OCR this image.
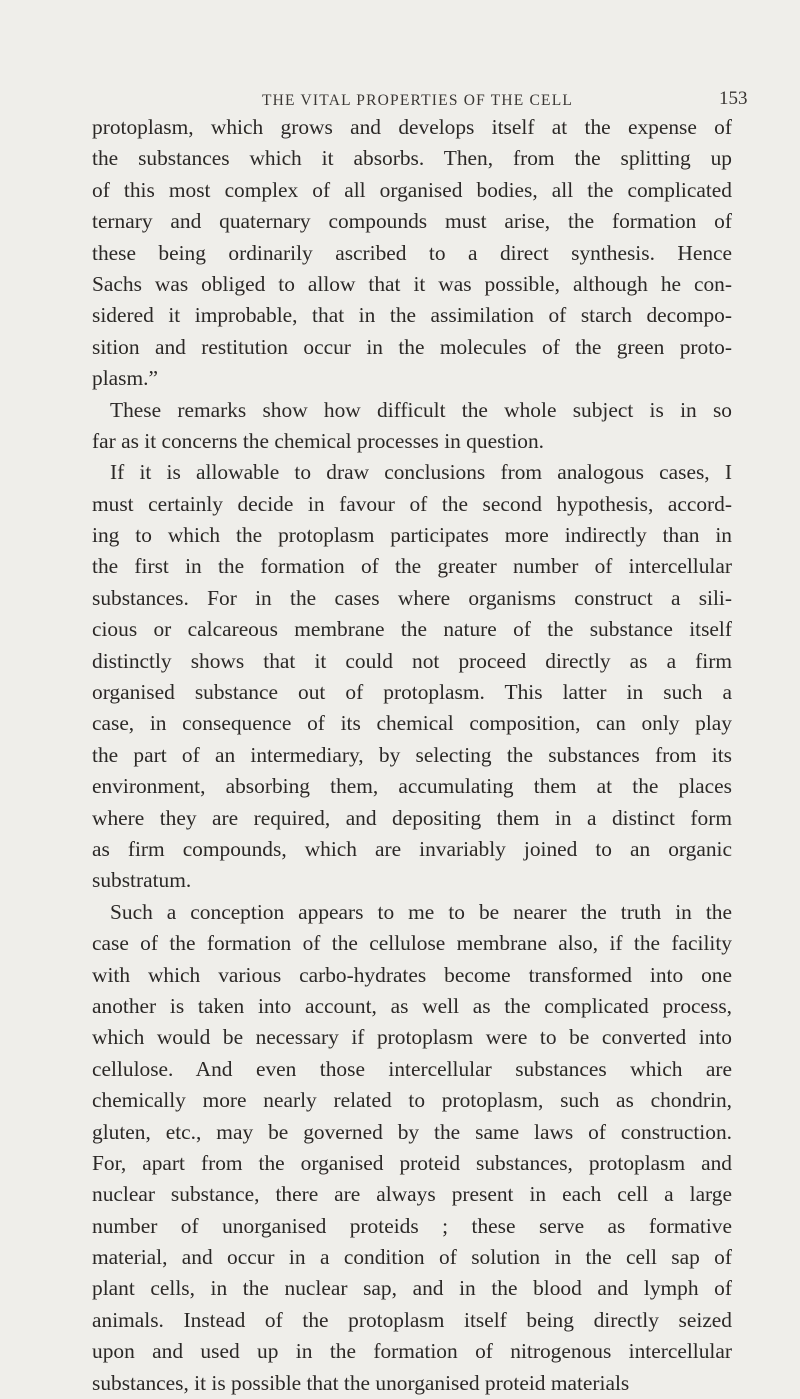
THE VITAL PROPERTIES OF THE CELL	153
protoplasm, which grows and develops itself at the expense of
the substances which it absorbs. Then, from the splitting up
of this most complex of all organised bodies, all the complicated
ternary and quaternary compounds must arise, the formation of
these being ordinarily ascribed to a direct synthesis. Hence
Sachs was obliged to allow that it was possible, although he con-
sidered it improbable, that in the assimilation of starch decompo-
sition and restitution occur in the molecules of the green proto-
plasm.”
These remarks show how difficult the whole subject is in so
far as it concerns the chemical processes in question.
If it is allowable to draw conclusions from analogous cases, I
must certainly decide in favour of the second hypothesis, accord-
ing to which the protoplasm participates more indirectly than in
the first in the formation of the greater number of intercellular
substances. For in the cases where organisms construct a sili-
cious or calcareous membrane the nature of the substance itself
distinctly shows that it could not proceed directly as a firm
organised substance out of protoplasm. This latter in such a
case, in consequence of its chemical composition, can only play
the part of an intermediary, by selecting the substances from its
environment, absorbing them, accumulating them at the places
where they are required, and depositing them in a distinct form
as firm compounds, which are invariably joined to an organic
substratum.
Such a conception appears to me to be nearer the truth in the
case of the formation of the cellulose membrane also, if the facility
with which various carbo-hydrates become transformed into one
another is taken into account, as well as the complicated process,
which would be necessary if protoplasm were to be converted into
cellulose. And even those intercellular substances which are
chemically more nearly related to protoplasm, such as chondrin,
gluten, etc., may be governed by the same laws of construction.
For, apart from the organised proteid substances, protoplasm and
nuclear substance, there are always present in each cell a large
number of unorganised proteids ; these serve as formative
material, and occur in a condition of solution in the cell sap of
plant cells, in the nuclear sap, and in the blood and lymph of
animals. Instead of the protoplasm itself being directly seized
upon and used up in the formation of nitrogenous intercellular
substances, it is possible that the unorganised proteid materials
